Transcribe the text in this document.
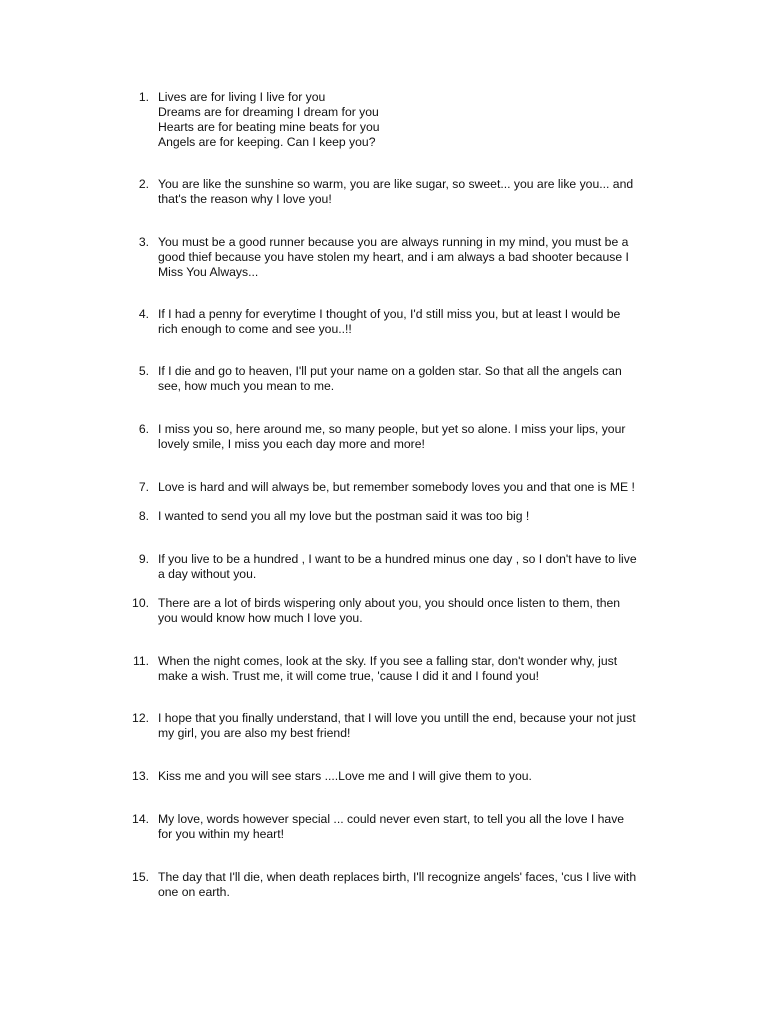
1. Lives are for living I live for you
Dreams are for dreaming I dream for you
Hearts are for beating mine beats for you
Angels are for keeping. Can I keep you?
2. You are like the sunshine so warm, you are like sugar, so sweet... you are like you... and
that's the reason why I love you!
3. You must be a good runner because you are always running in my mind, you must be a
good thief because you have stolen my heart, and i am always a bad shooter because I
Miss You Always...
4. If I had a penny for everytime I thought of you, I'd still miss you, but at least I would be
rich enough to come and see you..!!
5. If I die and go to heaven, I'll put your name on a golden star. So that all the angels can
see, how much you mean to me.
6. I miss you so, here around me, so many people, but yet so alone. I miss your lips, your
lovely smile, I miss you each day more and more!
7. Love is hard and will always be, but remember somebody loves you and that one is ME !
8. I wanted to send you all my love but the postman said it was too big !
9. If you live to be a hundred , I want to be a hundred minus one day , so I don't have to live
a day without you.
10. There are a lot of birds wispering only about you, you should once listen to them, then
you would know how much I love you.
11. When the night comes, look at the sky. If you see a falling star, don't wonder why, just
make a wish. Trust me, it will come true, 'cause I did it and I found you!
12. I hope that you finally understand, that I will love you untill the end, because your not just
my girl, you are also my best friend!
13. Kiss me and you will see stars ....Love me and I will give them to you.
14. My love, words however special ... could never even start, to tell you all the love I have
for you within my heart!
15. The day that I'll die, when death replaces birth, I'll recognize angels' faces, 'cus I live with
one on earth.
